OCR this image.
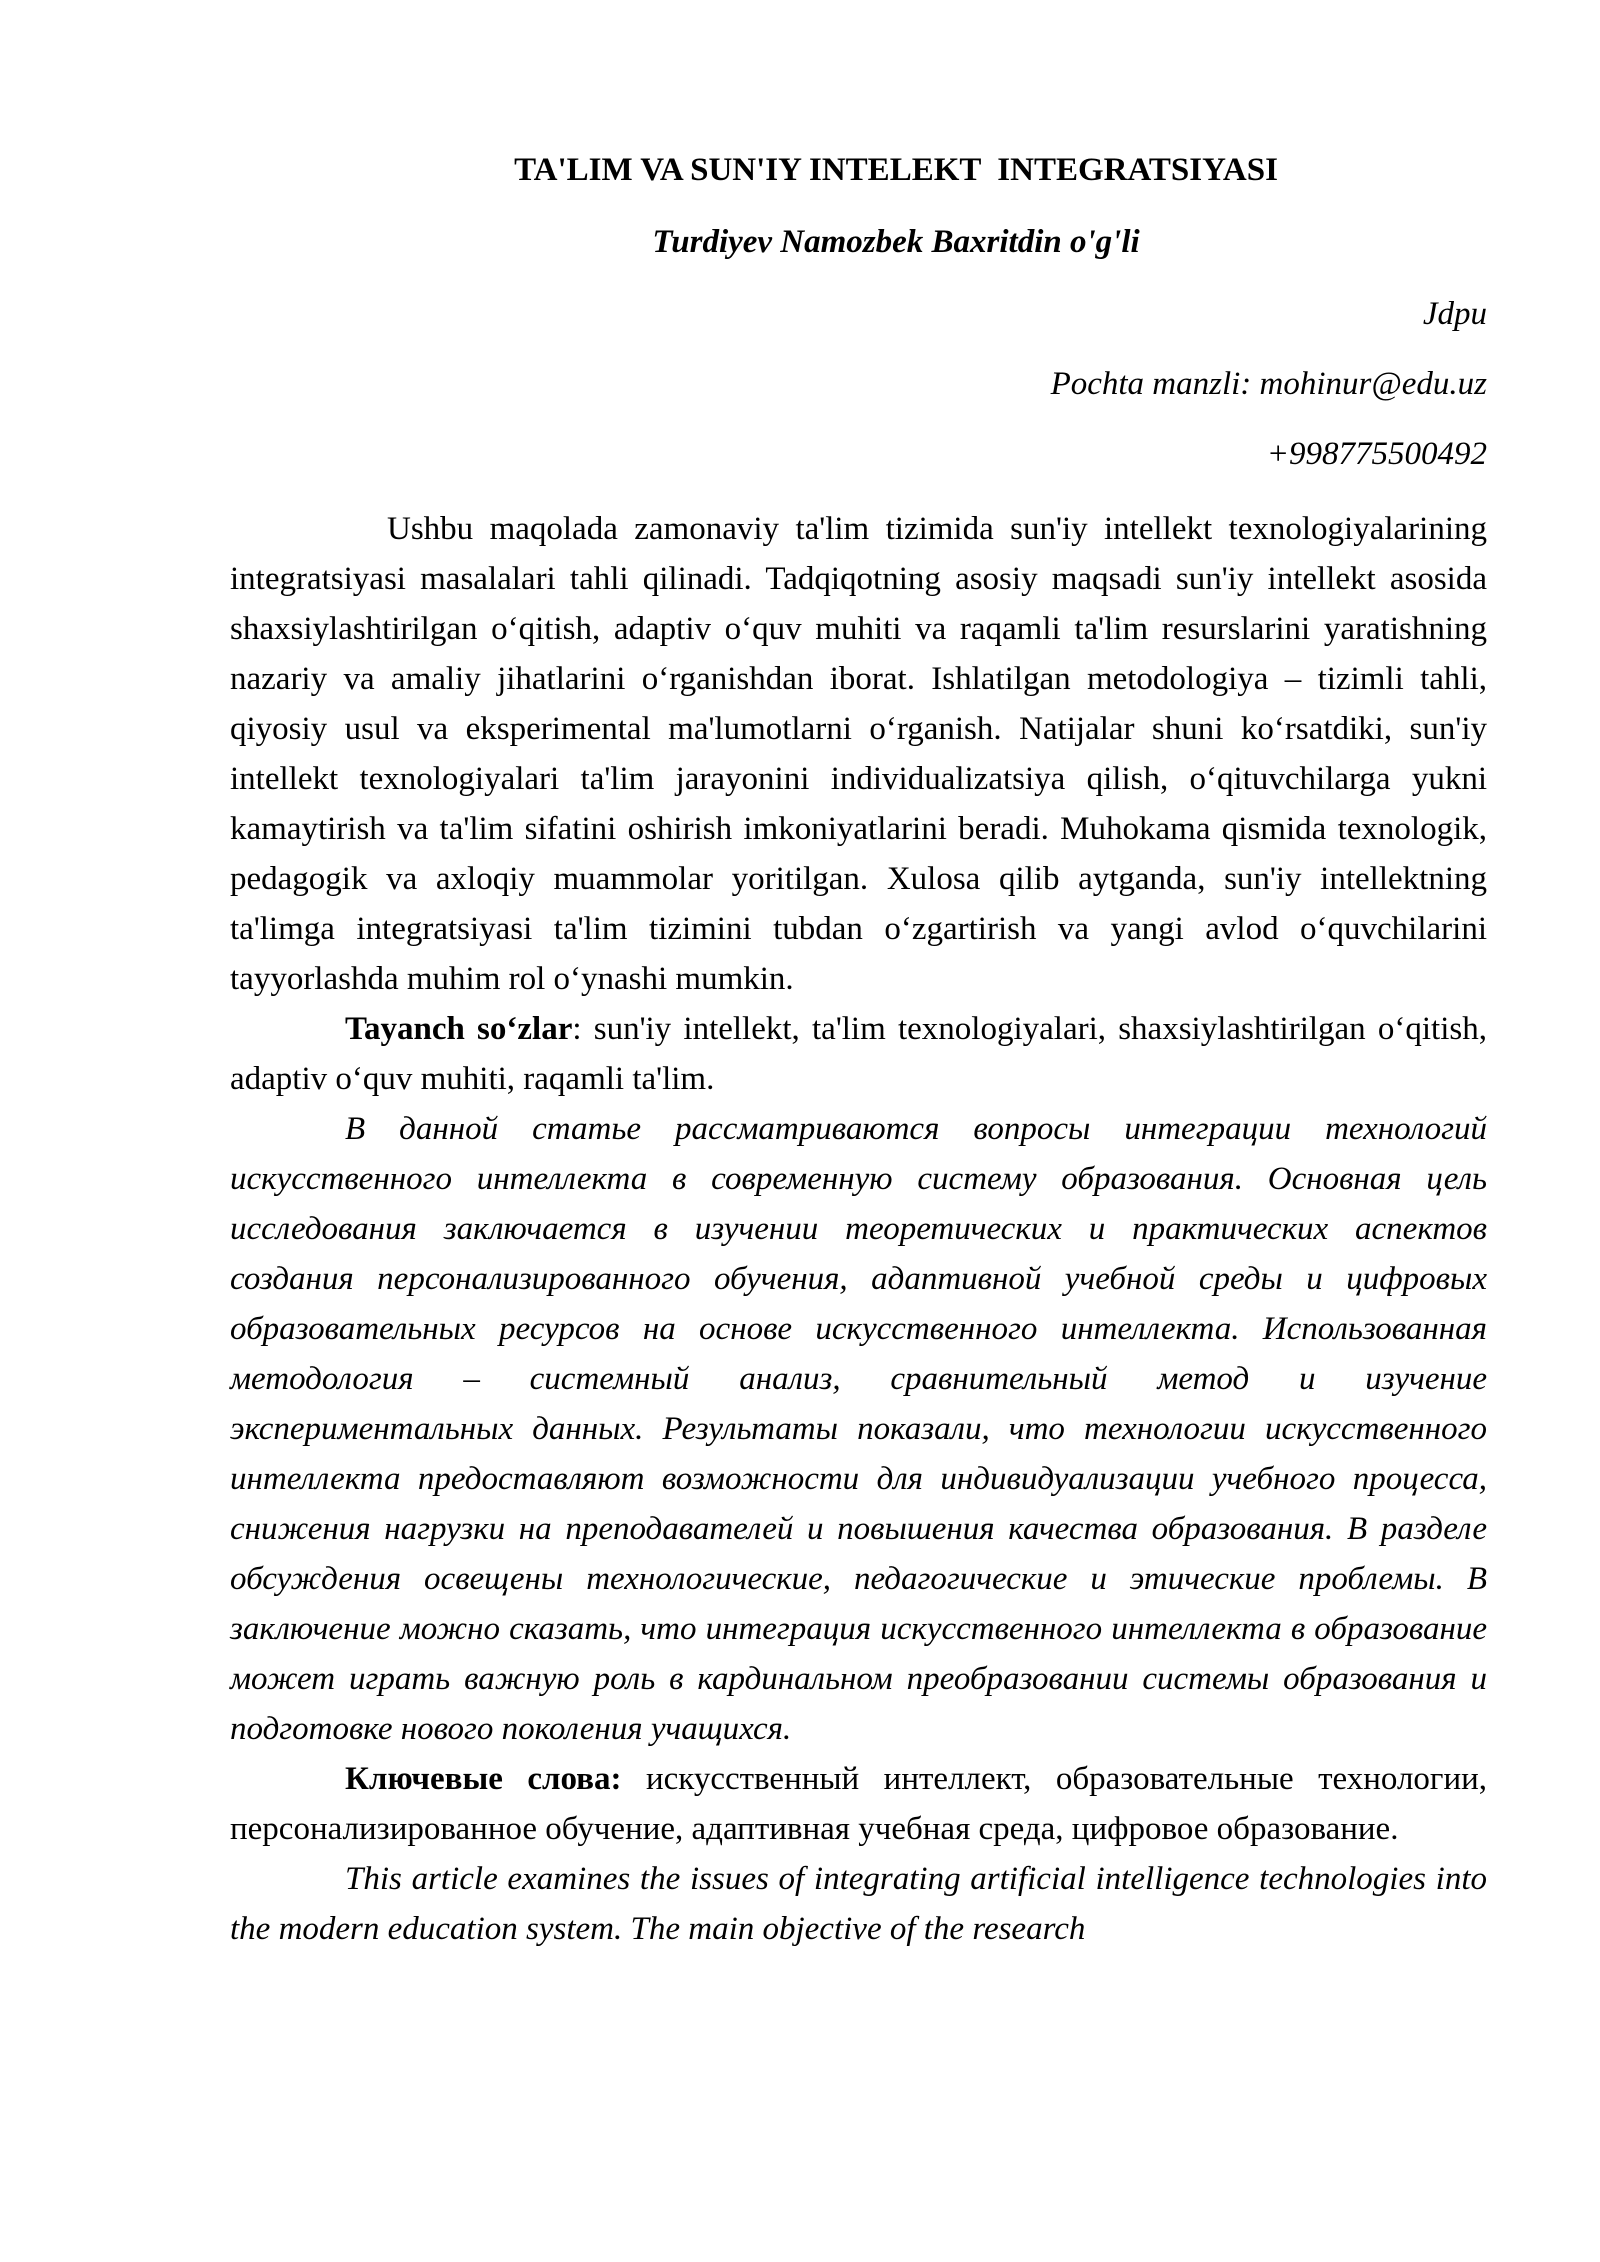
TA'LIM VA SUN'IY INTELEKT  INTEGRATSIYASI
Turdiyev Namozbek Baxritdin o'g'li
Jdpu
Pochta manzli: mohinur@edu.uz
+998775500492

Ushbu maqolada zamonaviy ta'lim tizimida sun'iy intellekt texnologiyalarining integratsiyasi masalalari tahli qilinadi. Tadqiqotning asosiy maqsadi sun'iy intellekt asosida shaxsiylashtirilgan o‘qitish, adaptiv o‘quv muhiti va raqamli ta'lim resurslarini yaratishning nazariy va amaliy jihatlarini o‘rganishdan iborat. Ishlatilgan metodologiya – tizimli tahli, qiyosiy usul va eksperimental ma'lumotlarni o‘rganish. Natijalar shuni ko‘rsatdiki, sun'iy intellekt texnologiyalari ta'lim jarayonini individualizatsiya qilish, o‘qituvchilarga yukni kamaytirish va ta'lim sifatini oshirish imkoniyatlarini beradi. Muhokama qismida texnologik, pedagogik va axloqiy muammolar yoritilgan. Xulosa qilib aytganda, sun'iy intellektning ta'limga integratsiyasi ta'lim tizimini tubdan o‘zgartirish va yangi avlod o‘quvchilarini tayyorlashda muhim rol o‘ynashi mumkin.

Tayanch so‘zlar: sun'iy intellekt, ta'lim texnologiyalari, shaxsiylashtirilgan o‘qitish, adaptiv o‘quv muhiti, raqamli ta'lim.

В данной статье рассматриваются вопросы интеграции технологий искусственного интеллекта в современную систему образования. Основная цель исследования заключается в изучении теоретических и практических аспектов создания персонализированного обучения, адаптивной учебной среды и цифровых образовательных ресурсов на основе искусственного интеллекта. Использованная методология – системный анализ, сравнительный метод и изучение экспериментальных данных. Результаты показали, что технологии искусственного интеллекта предоставляют возможности для индивидуализации учебного процесса, снижения нагрузки на преподавателей и повышения качества образования. В разделе обсуждения освещены технологические, педагогические и этические проблемы. В заключение можно сказать, что интеграция искусственного интеллекта в образование может играть важную роль в кардинальном преобразовании системы образования и подготовке нового поколения учащихся.

Ключевые слова: искусственный интеллект, образовательные технологии, персонализированное обучение, адаптивная учебная среда, цифровое образование.

This article examines the issues of integrating artificial intelligence technologies into the modern education system. The main objective of the research
